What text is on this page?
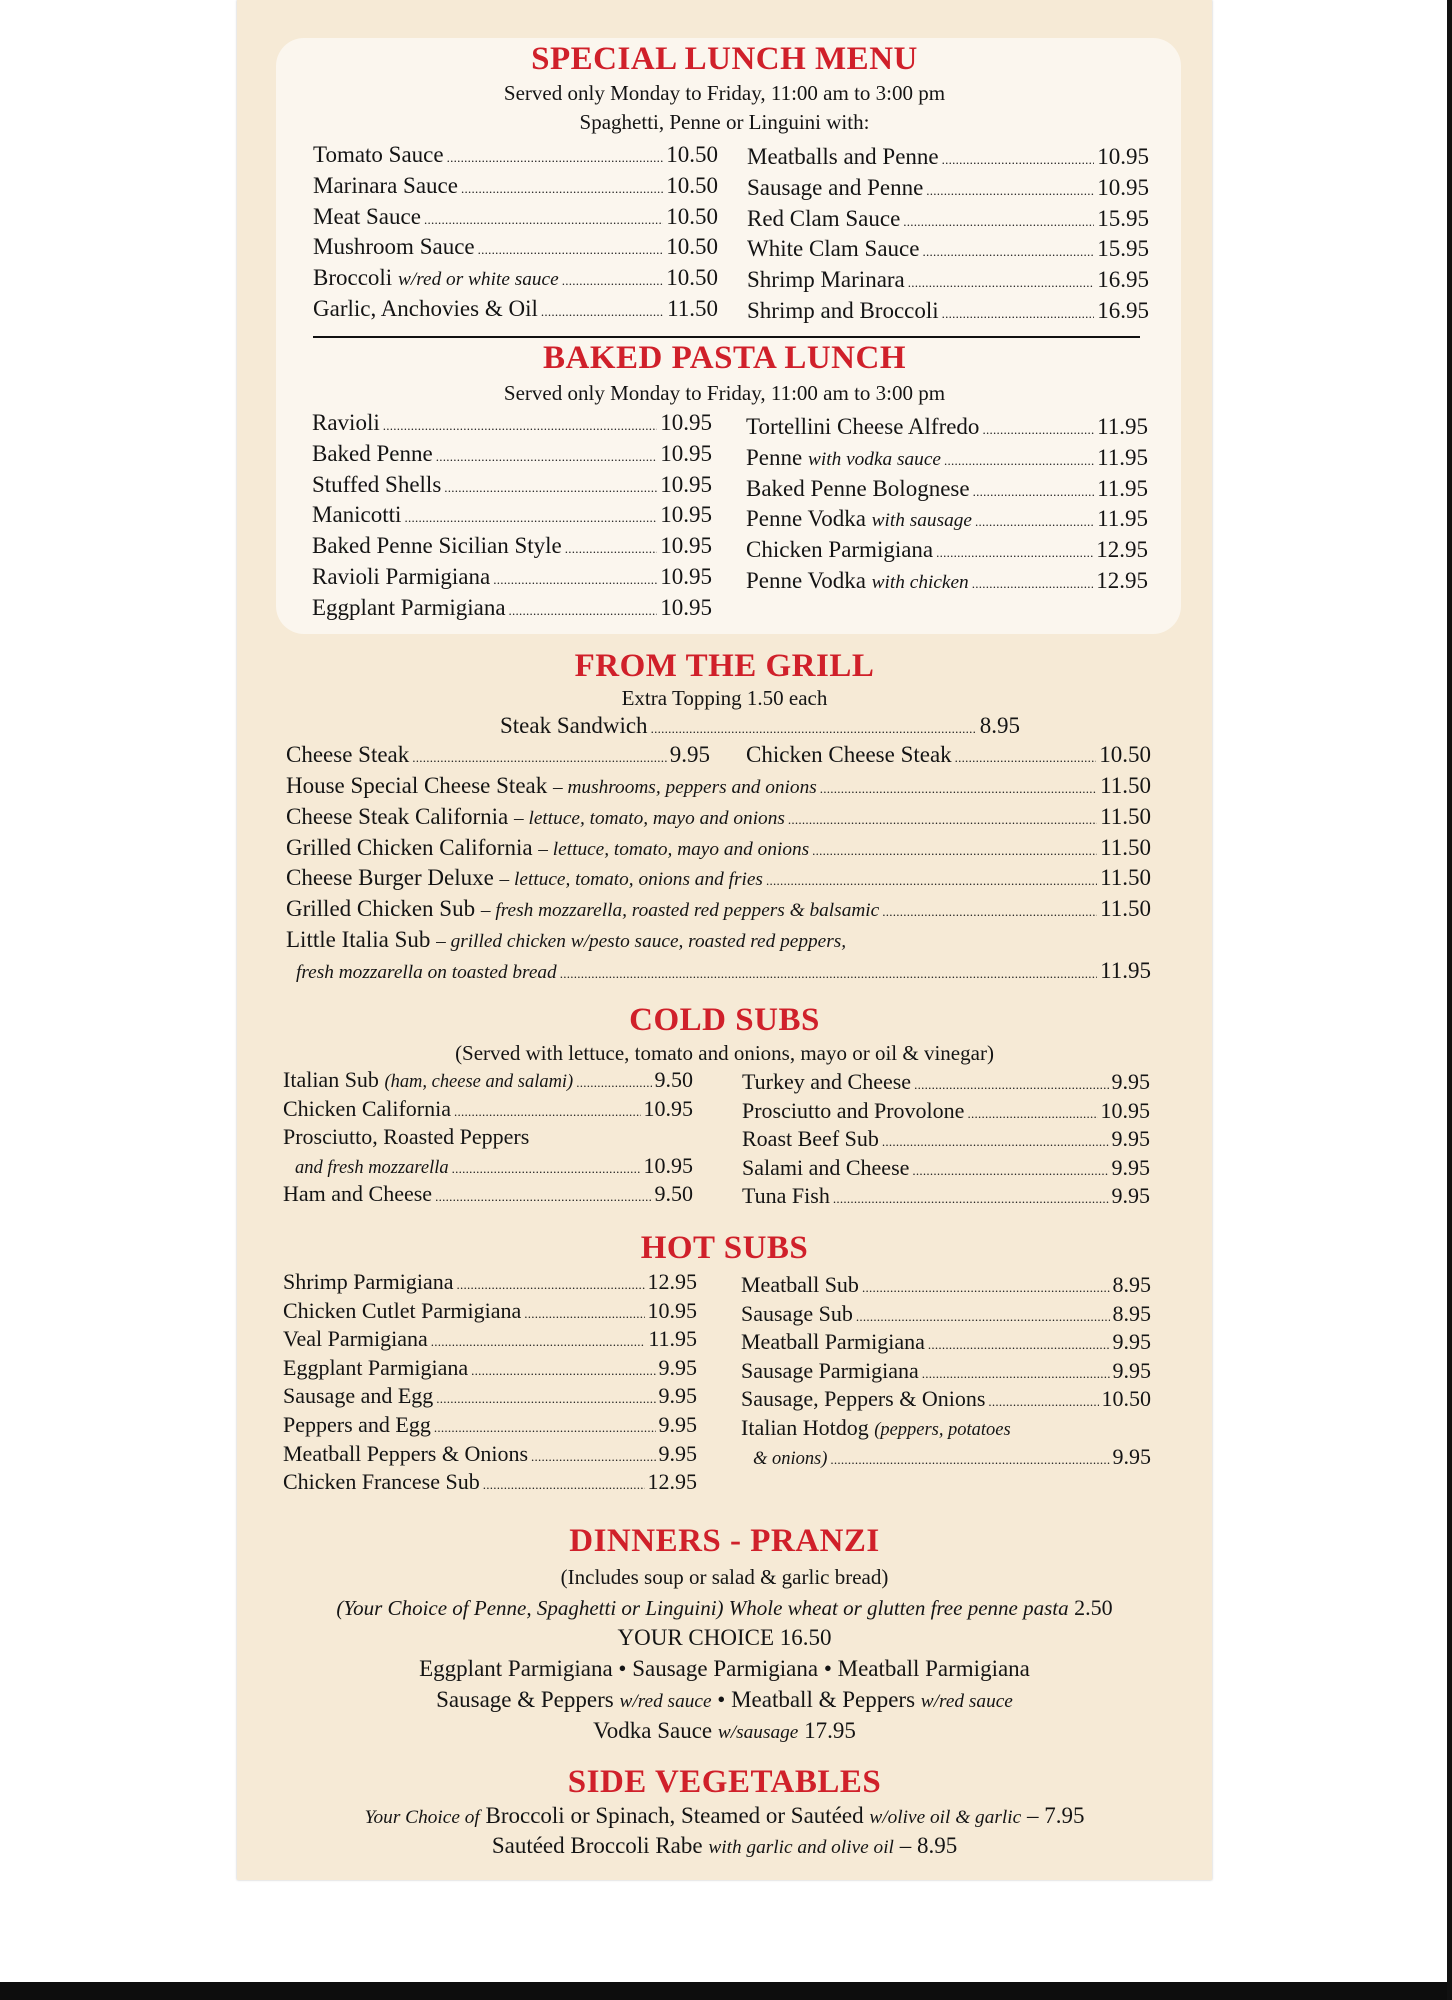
SPECIAL LUNCH MENU
Served only Monday to Friday, 11:00 am to 3:00 pm
Spaghetti, Penne or Linguini with:
Tomato Sauce . . .	10.50
Marinara Sauce . . .	10.50
Meat Sauce . . .	10.50
Mushroom Sauce . . .	10.50
Broccoli w/red or white sauce . . .	10.50
Garlic, Anchovies & Oil . . .	11.50
Meatballs and Penne . . .	10.95
Sausage and Penne . . .	10.95
Red Clam Sauce . . .	15.95
White Clam Sauce . . .	15.95
Shrimp Marinara . . .	16.95
Shrimp and Broccoli . . .	16.95
BAKED PASTA LUNCH
Served only Monday to Friday, 11:00 am to 3:00 pm
Ravioli . . .	10.95
Baked Penne . . .	10.95
Stuffed Shells . . .	10.95
Manicotti . . .	10.95
Baked Penne Sicilian Style . . .	10.95
Ravioli Parmigiana . . .	10.95
Eggplant Parmigiana . . .	10.95
Tortellini Cheese Alfredo . . .	11.95
Penne with vodka sauce . . .	11.95
Baked Penne Bolognese . . .	11.95
Penne Vodka with sausage . . .	11.95
Chicken Parmigiana . . .	12.95
Penne Vodka with chicken . . .	12.95
FROM THE GRILL
Extra Topping 1.50 each
Steak Sandwich . . .	8.95
Cheese Steak . . .	9.95 Chicken Cheese Steak . . .	10.50
House Special Cheese Steak – mushrooms, peppers and onions . . .	11.50
Cheese Steak California – lettuce, tomato, mayo and onions . . .	11.50
Grilled Chicken California – lettuce, tomato, mayo and onions . . .	11.50
Cheese Burger Deluxe – lettuce, tomato, onions and fries . . .	11.50
Grilled Chicken Sub – fresh mozzarella, roasted red peppers & balsamic . . .	11.50
Little Italia Sub – grilled chicken w/pesto sauce, roasted red peppers,
fresh mozzarella on toasted bread . . .	11.95
COLD SUBS
(Served with lettuce, tomato and onions, mayo or oil & vinegar)
Italian Sub (ham, cheese and salami) . . .	9.50
Chicken California . . .	10.95
Prosciutto, Roasted Peppers
and fresh mozzarella . . .	10.95
Ham and Cheese . . .	9.50
Turkey and Cheese . . .	9.95
Prosciutto and Provolone . . .	10.95
Roast Beef Sub . . .	9.95
Salami and Cheese . . .	9.95
Tuna Fish . . .	9.95
HOT SUBS
Shrimp Parmigiana . . .	12.95
Chicken Cutlet Parmigiana . . .	10.95
Veal Parmigiana . . .	11.95
Eggplant Parmigiana . . .	9.95
Sausage and Egg . . .	9.95
Peppers and Egg . . .	9.95
Meatball Peppers & Onions . . .	9.95
Chicken Francese Sub . . .	12.95
Meatball Sub . . .	8.95
Sausage Sub . . .	8.95
Meatball Parmigiana . . .	9.95
Sausage Parmigiana . . .	9.95
Sausage, Peppers & Onions . . .	10.50
Italian Hotdog (peppers, potatoes
& onions) . . .	9.95
DINNERS - PRANZI
(Includes soup or salad & garlic bread)
(Your Choice of Penne, Spaghetti or Linguini) Whole wheat or glutten free penne pasta 2.50
YOUR CHOICE 16.50
Eggplant Parmigiana • Sausage Parmigiana • Meatball Parmigiana
Sausage & Peppers w/red sauce • Meatball & Peppers w/red sauce
Vodka Sauce w/sausage 17.95
SIDE VEGETABLES
Your Choice of Broccoli or Spinach, Steamed or Sautéed w/olive oil & garlic – 7.95
Sautéed Broccoli Rabe with garlic and olive oil – 8.95
